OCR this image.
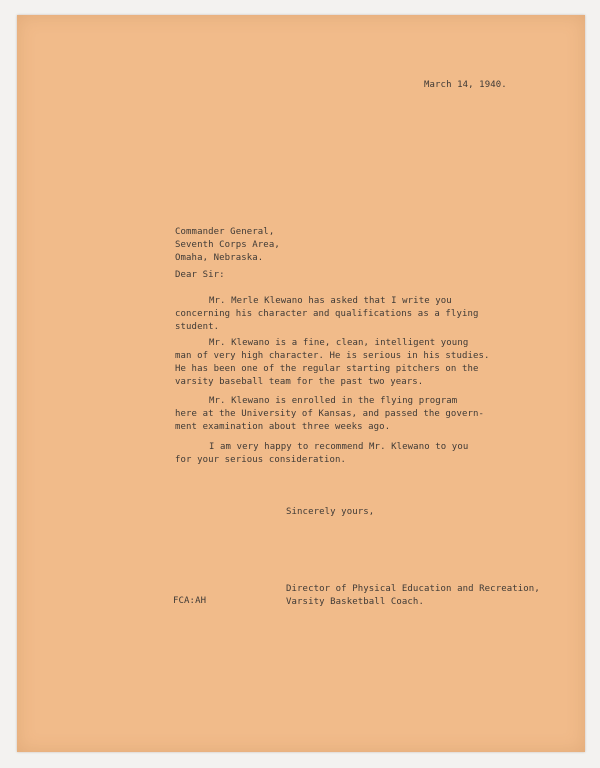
March 14, 1940.

Commander General,
Seventh Corps Area,
Omaha, Nebraska.

Dear Sir:

Mr. Merle Klewano has asked that I write you
concerning his character and qualifications as a flying
student.
Mr. Klewano is a fine, clean, intelligent young
man of very high character. He is serious in his studies.
He has been one of the regular starting pitchers on the
varsity baseball team for the past two years.
Mr. Klewano is enrolled in the flying program
here at the University of Kansas, and passed the govern-
ment examination about three weeks ago.
I am very happy to recommend Mr. Klewano to you
for your serious consideration.

Sincerely yours,

FCA:AH

Director of Physical Education and Recreation,
Varsity Basketball Coach.
